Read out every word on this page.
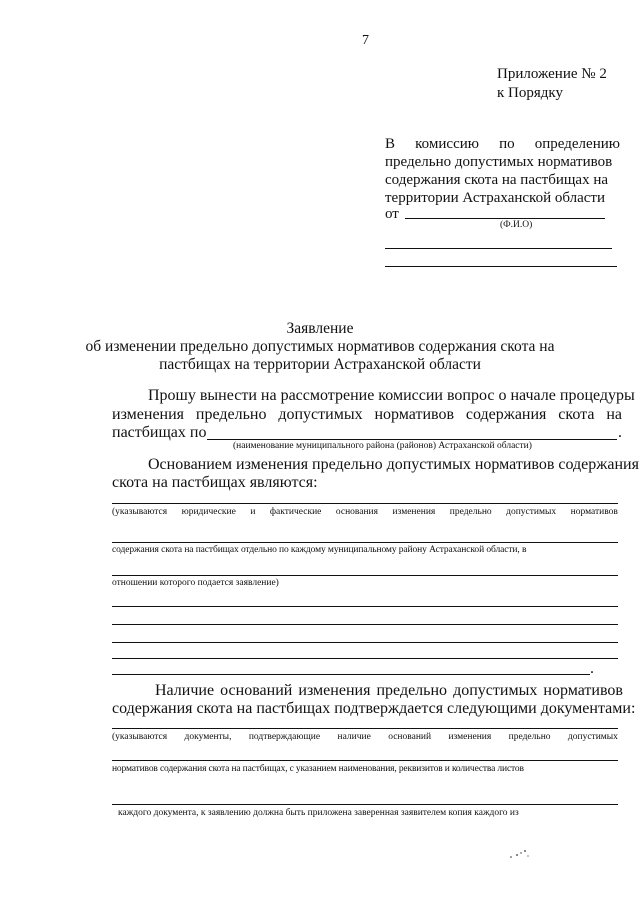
7
Приложение № 2
к Порядку
В комиссию по определению
предельно допустимых нормативов
содержания скота на пастбищах на
территории Астраханской области
от
(Ф.И.О)
Заявление
об изменении предельно допустимых нормативов содержания скота на
пастбищах на территории Астраханской области
Прошу вынести на рассмотрение комиссии вопрос о начале процедуры
изменения предельно допустимых нормативов содержания скота на
пастбищах по	.
(наименование муниципального района (районов) Астраханской области)
Основанием изменения предельно допустимых нормативов содержания
скота на пастбищах являются:
(указываются юридические и фактические основания изменения предельно допустимых нормативов
содержания скота на пастбищах отдельно по каждому муниципальному району Астраханской области, в
отношении которого подается заявление)
.
Наличие оснований изменения предельно допустимых нормативов
содержания скота на пастбищах подтверждается следующими документами:
(указываются документы, подтверждающие наличие оснований изменения предельно допустимых
нормативов содержания скота на пастбищах, с указанием наименования, реквизитов и количества листов
каждого документа, к заявлению должна быть приложена заверенная заявителем копия каждого из
